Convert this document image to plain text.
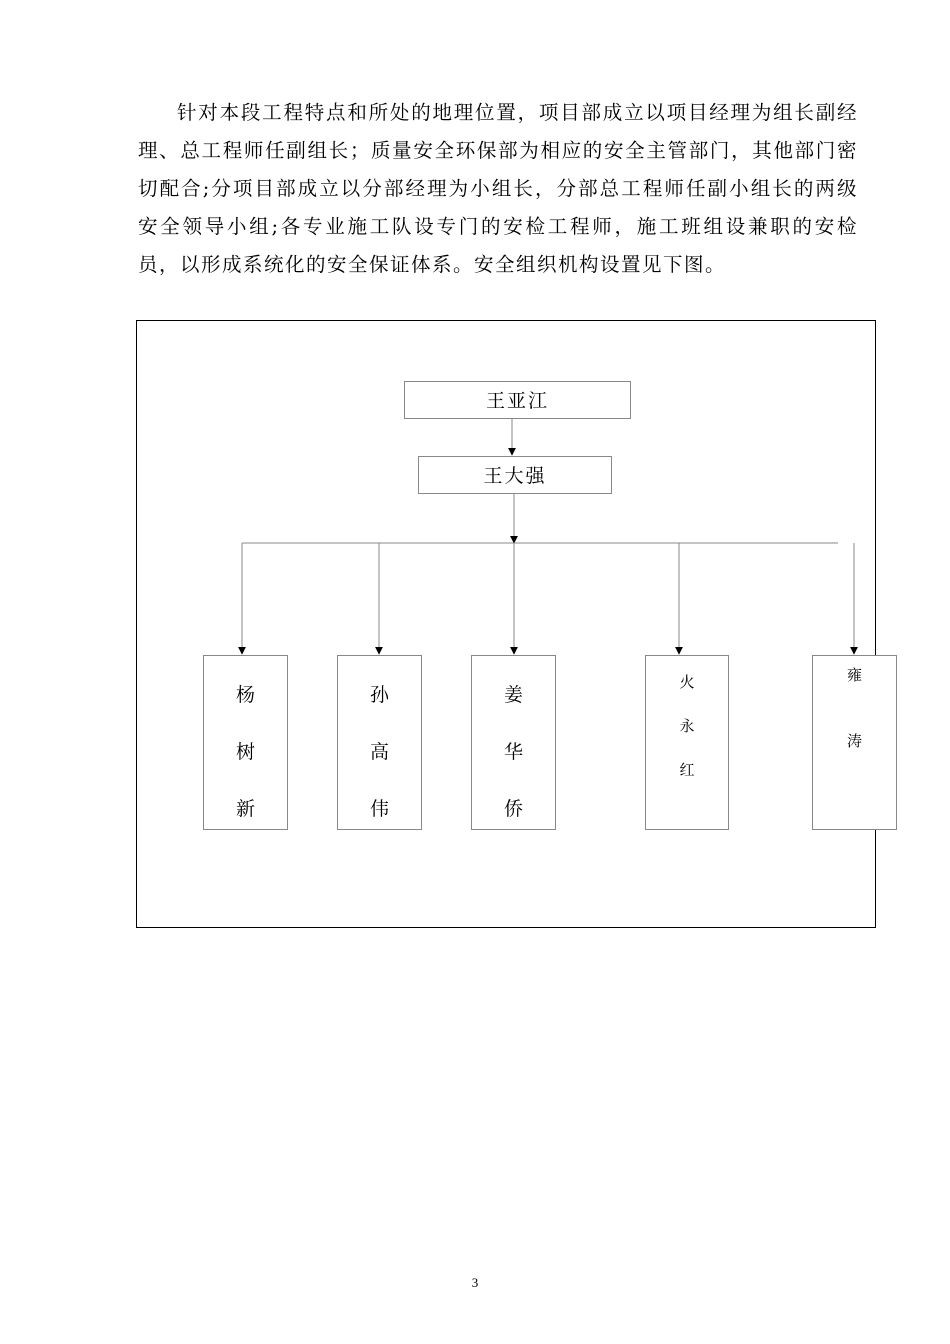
针对本段工程特点和所处的地理位置，项目部成立以项目经理为组长副经理、总工程师任副组长；质量安全环保部为相应的安全主管部门，其他部门密切配合;分项目部成立以分部经理为小组长，分部总工程师任副小组长的两级安全领导小组;各专业施工队设专门的安检工程师，施工班组设兼职的安检员，以形成系统化的安全保证体系。安全组织机构设置见下图。

王亚江
王大强
杨
树
新
孙
高
伟
姜
华
侨
火
永
红
雍
涛
3
